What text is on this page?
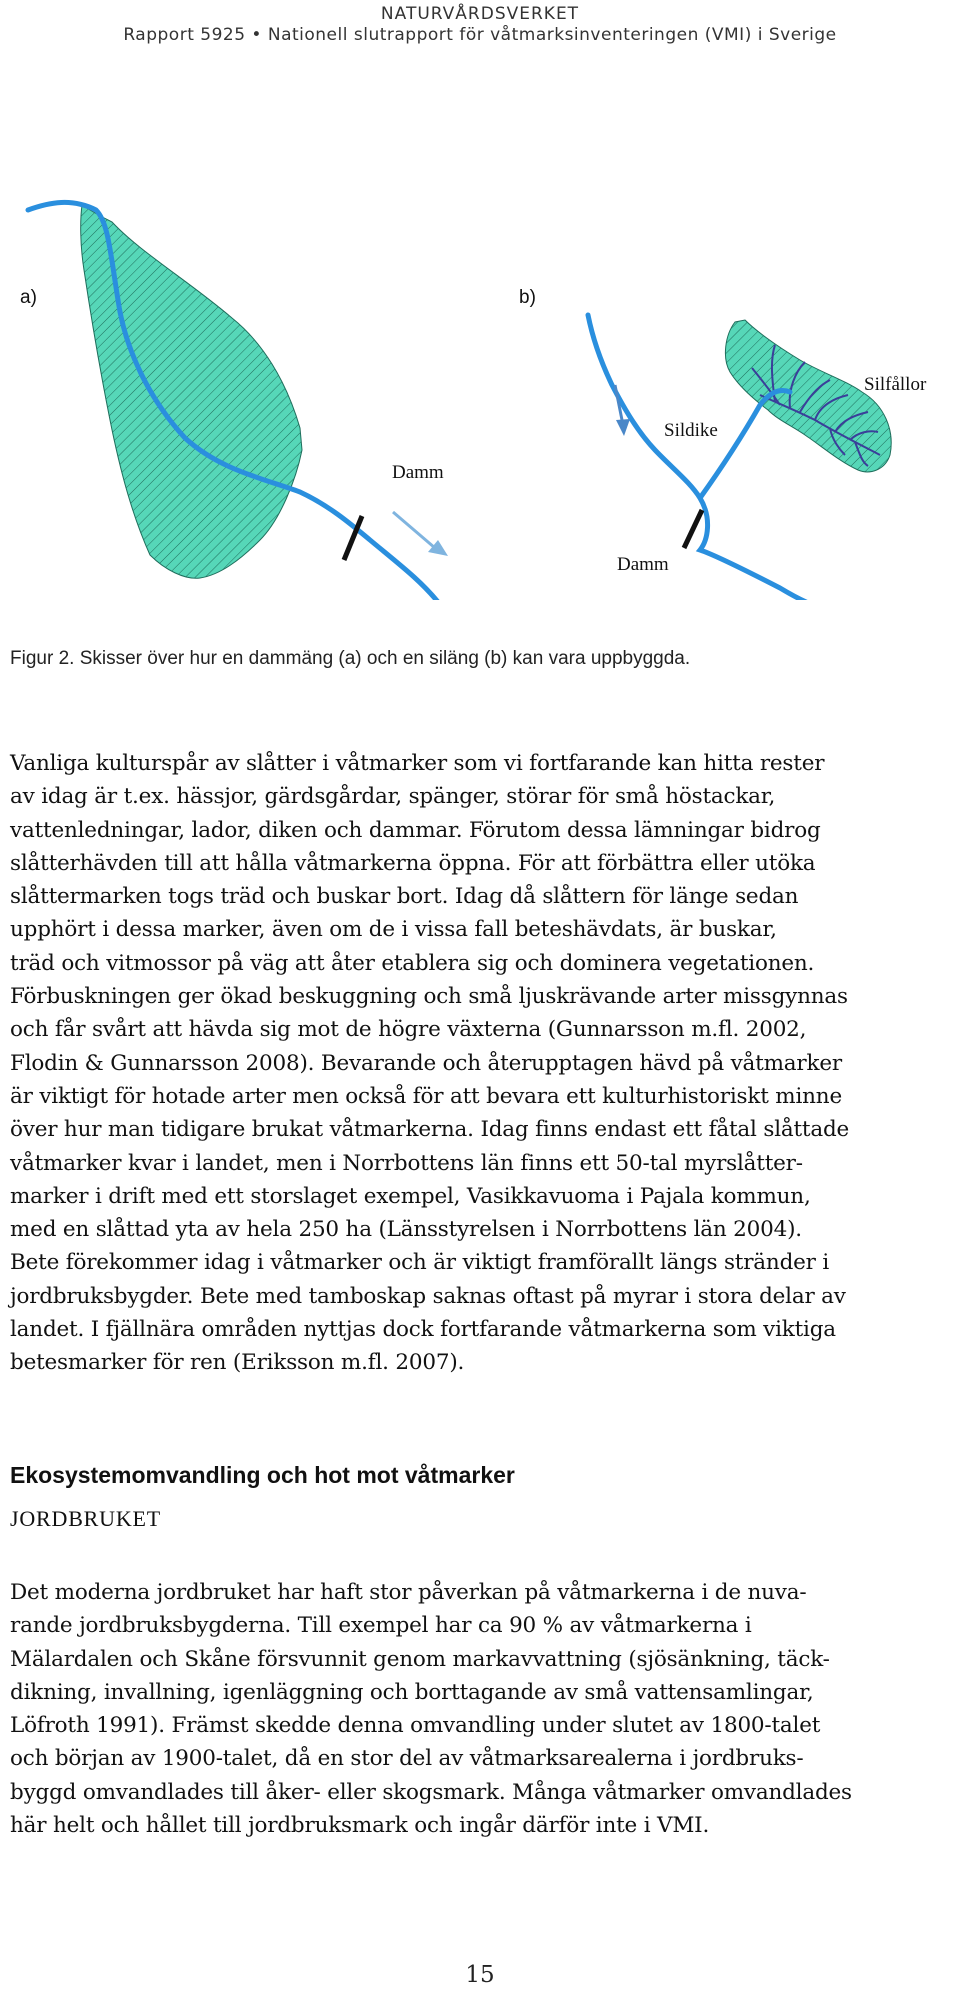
NATURVÅRDSVERKET
Rapport 5925 • Nationell slutrapport för våtmarksinventeringen (VMI) i Sverige
a)	b)
Damm
Silfållor
Sildike
Damm
Figur 2. Skisser över hur en dammäng (a) och en siläng (b) kan vara uppbyggda.

Vanliga kulturspår av slåtter i våtmarker som vi fortfarande kan hitta rester
av idag är t.ex. hässjor, gärdsgårdar, spänger, störar för små höstackar,
vattenledningar, lador, diken och dammar. Förutom dessa lämningar bidrog
slåtterhävden till att hålla våtmarkerna öppna. För att förbättra eller utöka
slåttermarken togs träd och buskar bort. Idag då slåttern för länge sedan
upphört i dessa marker, även om de i vissa fall beteshävdats, är buskar,
träd och vitmossor på väg att åter etablera sig och dominera vegetationen.
Förbuskningen ger ökad beskuggning och små ljuskrävande arter missgynnas
och får svårt att hävda sig mot de högre växterna (Gunnarsson m.fl. 2002,
Flodin & Gunnarsson 2008). Bevarande och återupptagen hävd på våtmarker
är viktigt för hotade arter men också för att bevara ett kulturhistoriskt minne
över hur man tidigare brukat våtmarkerna. Idag finns endast ett fåtal slåttade
våtmarker kvar i landet, men i Norrbottens län finns ett 50-tal myrslåtter-
marker i drift med ett storslaget exempel, Vasikkavuoma i Pajala kommun,
med en slåttad yta av hela 250 ha (Länsstyrelsen i Norrbottens län 2004).
Bete förekommer idag i våtmarker och är viktigt framförallt längs stränder i
jordbruksbygder. Bete med tamboskap saknas oftast på myrar i stora delar av
landet. I fjällnära områden nyttjas dock fortfarande våtmarkerna som viktiga
betesmarker för ren (Eriksson m.fl. 2007).

Ekosystemomvandling och hot mot våtmarker
JORDBRUKET

Det moderna jordbruket har haft stor påverkan på våtmarkerna i de nuva-
rande jordbruksbygderna. Till exempel har ca 90 % av våtmarkerna i
Mälardalen och Skåne försvunnit genom markavvattning (sjösänkning, täck-
dikning, invallning, igenläggning och borttagande av små vattensamlingar,
Löfroth 1991). Främst skedde denna omvandling under slutet av 1800-talet
och början av 1900-talet, då en stor del av våtmarksarealerna i jordbruks-
byggd omvandlades till åker- eller skogsmark. Många våtmarker omvandlades
här helt och hållet till jordbruksmark och ingår därför inte i VMI.

15
